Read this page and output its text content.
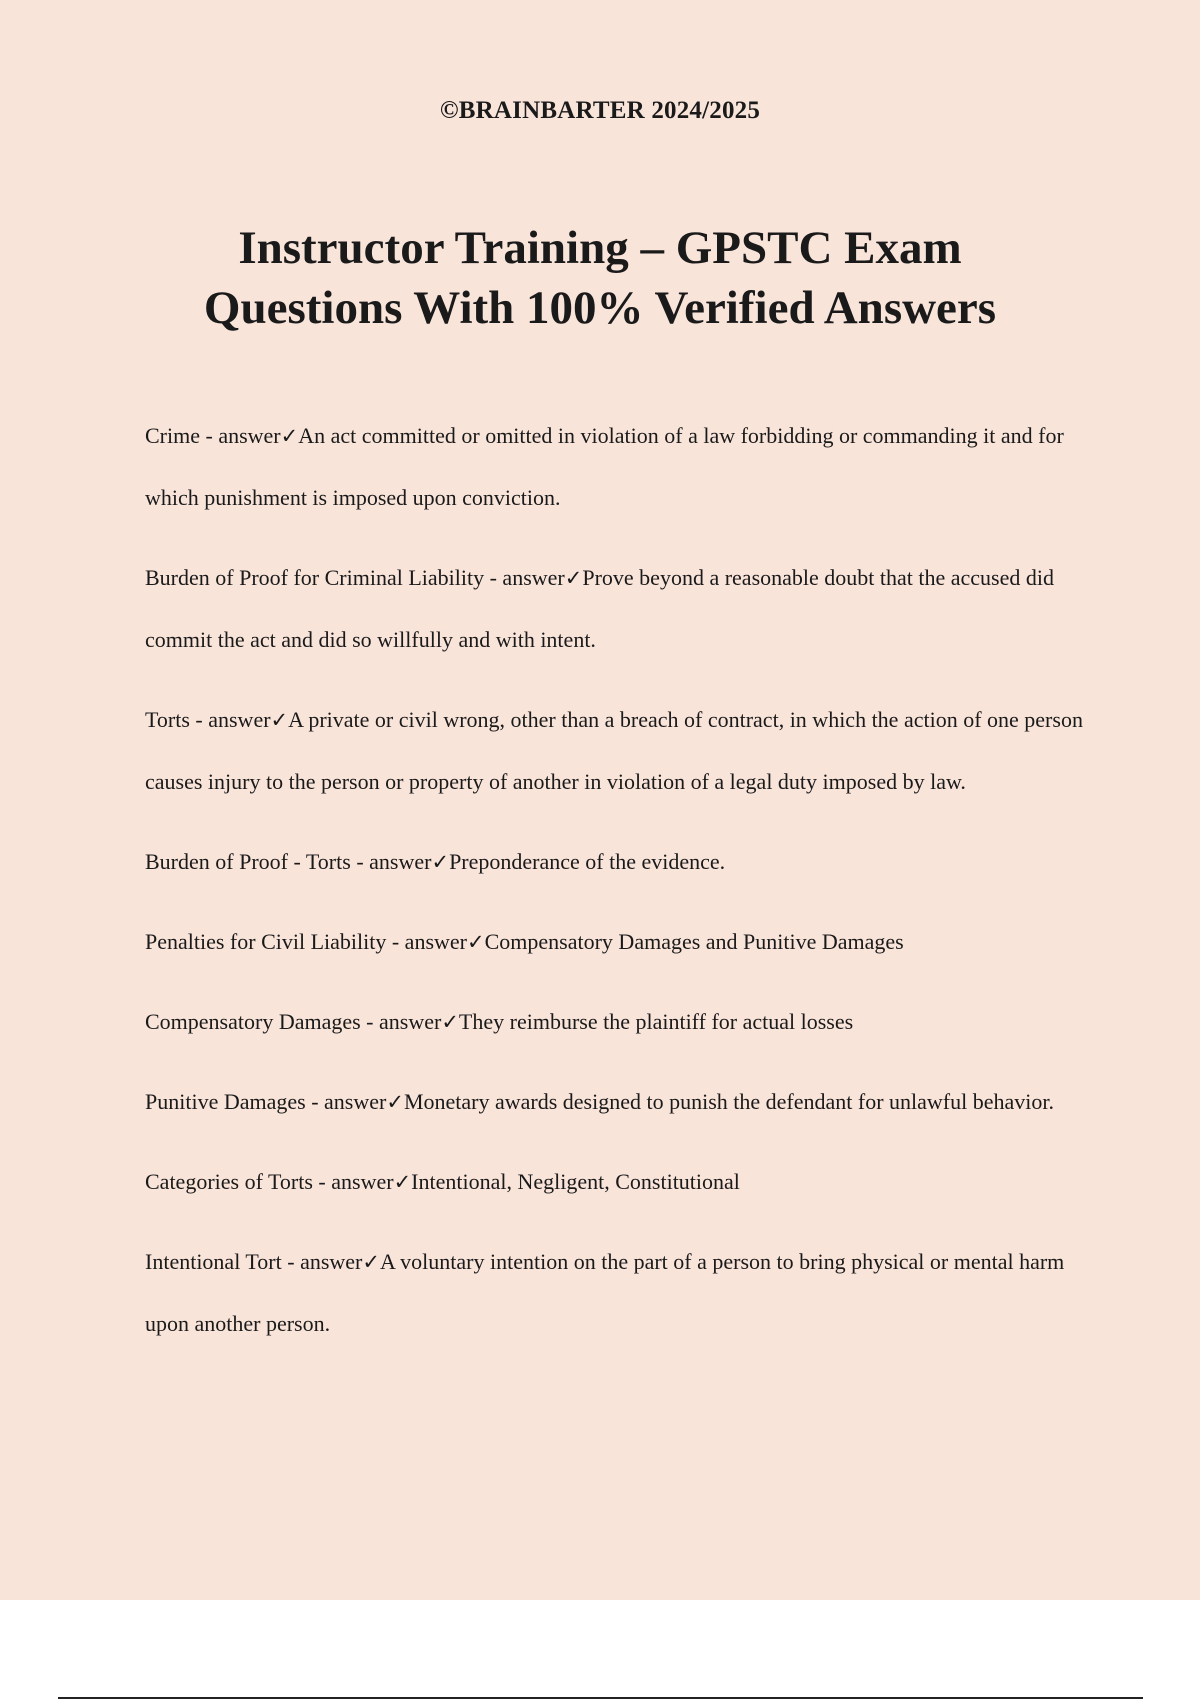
©BRAINBARTER 2024/2025
Instructor Training – GPSTC Exam
Questions With 100% Verified Answers

Crime - answer✓An act committed or omitted in violation of a law forbidding or commanding it and for which punishment is imposed upon conviction.

Burden of Proof for Criminal Liability - answer✓Prove beyond a reasonable doubt that the accused did commit the act and did so willfully and with intent.

Torts - answer✓A private or civil wrong, other than a breach of contract, in which the action of one person causes injury to the person or property of another in violation of a legal duty imposed by law.

Burden of Proof - Torts - answer✓Preponderance of the evidence.

Penalties for Civil Liability - answer✓Compensatory Damages and Punitive Damages

Compensatory Damages - answer✓They reimburse the plaintiff for actual losses

Punitive Damages - answer✓Monetary awards designed to punish the defendant for unlawful behavior.

Categories of Torts - answer✓Intentional, Negligent, Constitutional

Intentional Tort - answer✓A voluntary intention on the part of a person to bring physical or mental harm upon another person.
